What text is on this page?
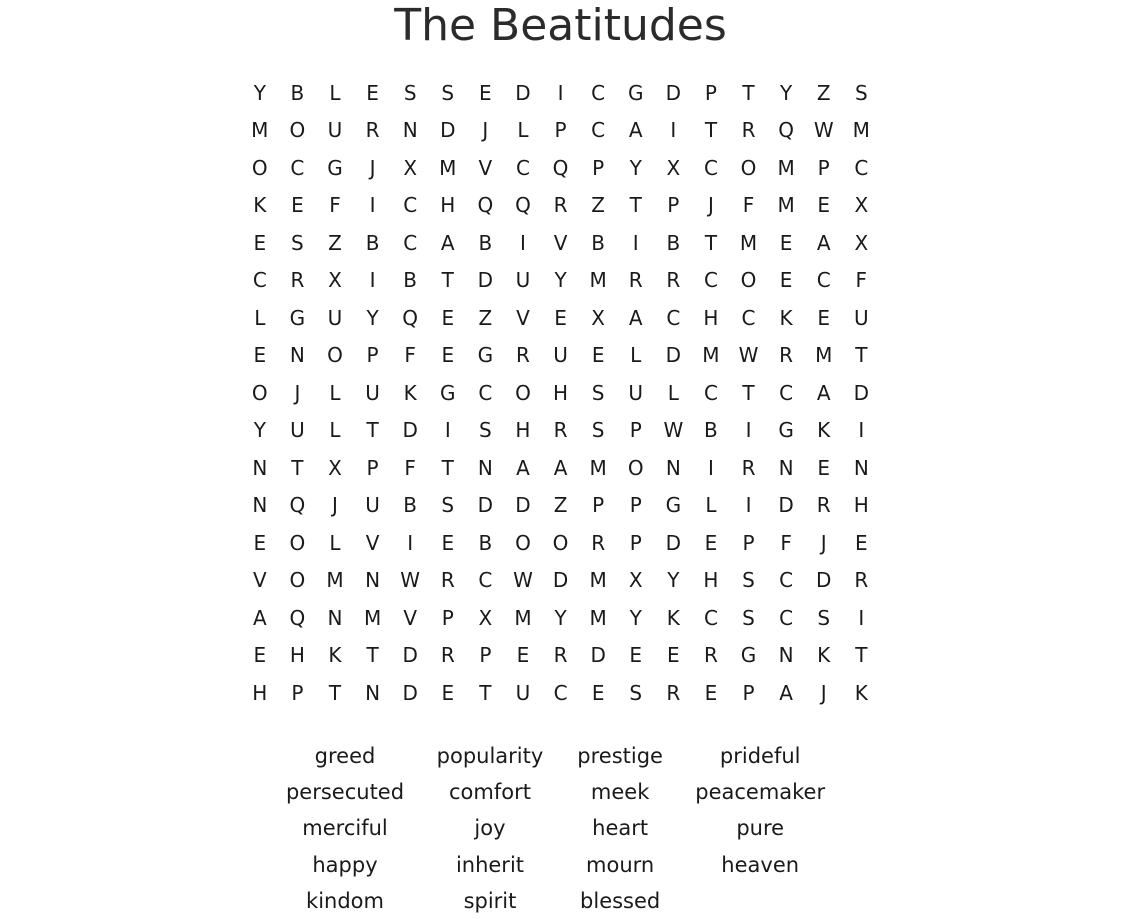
The Beatitudes
Y	B	L	E	S	S	E	D	I	C	G	D	P	T	Y	Z	S
M	O	U	R	N	D	J	L	P	C	A	I	T	R	Q W M
O	C	G	J	X	M	V	C	Q	P	Y	X	C	O	M	P	C
K	E	F	I	C	H	Q	Q	R	Z	T	P	J	F	M	E	X
E	S	Z	B	C	A	B	I	V	B	I	B	T	M	E	A	X
C	R	X	I	B	T	D	U	Y	M	R	R	C	O	E	C	F
L	G	U	Y	Q	E	Z	V	E	X	A	C	H	C	K	E	U
E	N	O	P	F	E	G	R	U	E	L	D	M W	R	M	T
O	J	L	U	K	G	C	O	H	S	U	L	C	T	C	A	D
Y	U	L	T	D	I	S	H	R	S	P	W	B	I	G	K	I
N	T	X	P	F	T	N	A	A	M	O	N	I	R	N	E	N
N	Q	J	U	B	S	D	D	Z	P	P	G	L	I	D	R	H
E	O	L	V	I	E	B	O	O	R	P	D	E	P	F	J	E
V	O	M	N	W	R	C	W	D	M	X	Y	H	S	C	D	R
A	Q	N	M	V	P	X	M	Y	M	Y	K	C	S	C	S	I
E	H	K	T	D	R	P	E	R	D	E	E	R	G	N	K	T
H	P	T	N	D	E	T	U	C	E	S	R	E	P	A	J	K
greed	popularity	prestige	prideful
persecuted	comfort	meek	peacemaker
merciful	joy	heart	pure
happy	inherit	mourn	heaven
kindom	spirit	blessed
